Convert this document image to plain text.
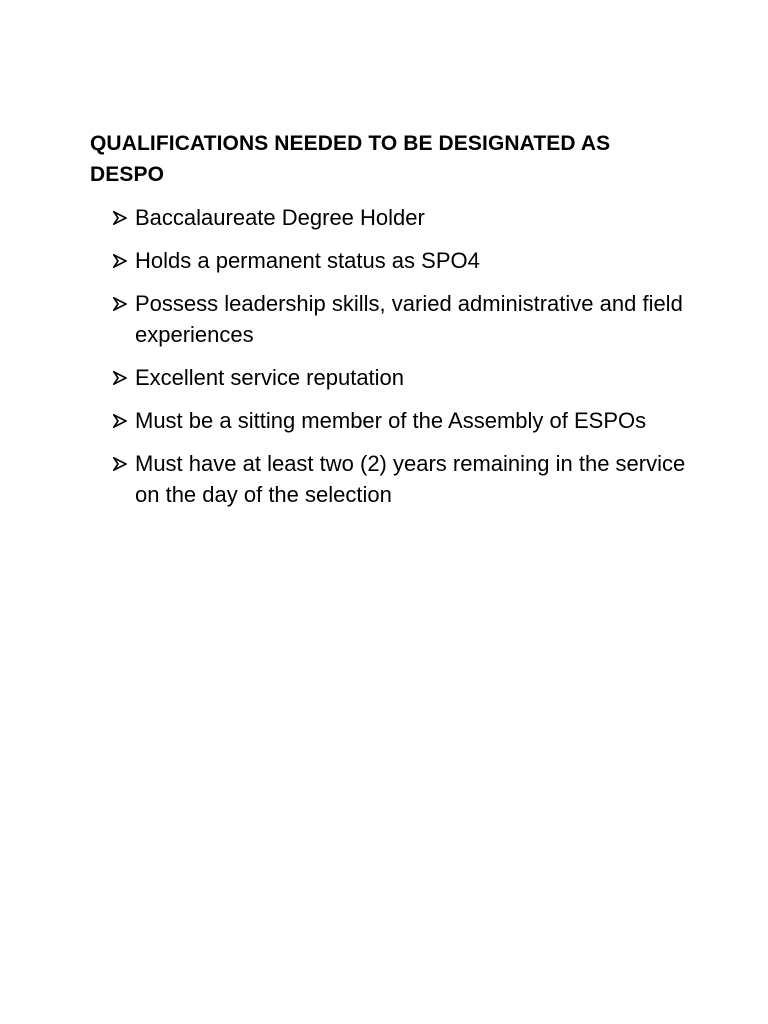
QUALIFICATIONS NEEDED TO BE DESIGNATED AS DESPO
Baccalaureate Degree Holder
Holds a permanent status as SPO4
Possess leadership skills, varied administrative and field experiences
Excellent service reputation
Must be a sitting member of the Assembly of ESPOs
Must have at least two (2) years remaining in the service on the day of the selection
